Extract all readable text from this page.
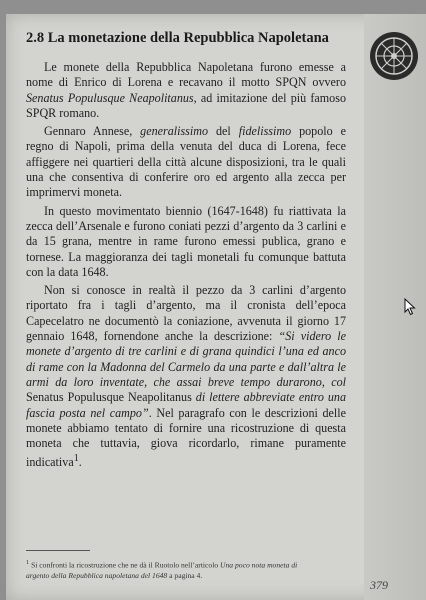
2.8 La monetazione della Repubblica Napoletana

Le monete della Repubblica Napoletana furono emesse a nome di Enrico di Lorena e recavano il motto SPQN ovvero Senatus Populusque Neapolitanus, ad imitazione del più famoso SPQR romano.

Gennaro Annese, generalissimo del fidelissimo popolo e regno di Napoli, prima della venuta del duca di Lorena, fece affiggere nei quartieri della città alcune disposizioni, tra le quali una che consentiva di conferire oro ed argento alla zecca per imprimervi moneta.

In questo movimentato biennio (1647-1648) fu riattivata la zecca dell’Arsenale e furono coniati pezzi d’argento da 3 carlini e da 15 grana, mentre in rame furono emessi publica, grano e tornese. La maggioranza dei tagli monetali fu comunque battuta con la data 1648.

Non si conosce in realtà il pezzo da 3 carlini d’argento riportato fra i tagli d’argento, ma il cronista dell’epoca Capecelatro ne documentò la coniazione, avvenuta il giorno 17 gennaio 1648, fornendone anche la descrizione: “Si videro le monete d’argento di tre carlini e di grana quindici l’una ed anco di rame con la Madonna del Carmelo da una parte e dall’altra le armi da loro inventate, che assai breve tempo durarono, col Senatus Populusque Neapolitanus di lettere abbreviate entro una fascia posta nel campo”. Nel paragrafo con le descrizioni delle monete abbiamo tentato di fornire una ricostruzione di questa moneta che tuttavia, giova ricordarlo, rimane puramente indicativa$^1$.

$^1$ Si confronti la ricostruzione che ne dà il Ruotolo nell’articolo Una poco nota moneta di argento della Repubblica napoletana del 1648 a pagina 4.
379
